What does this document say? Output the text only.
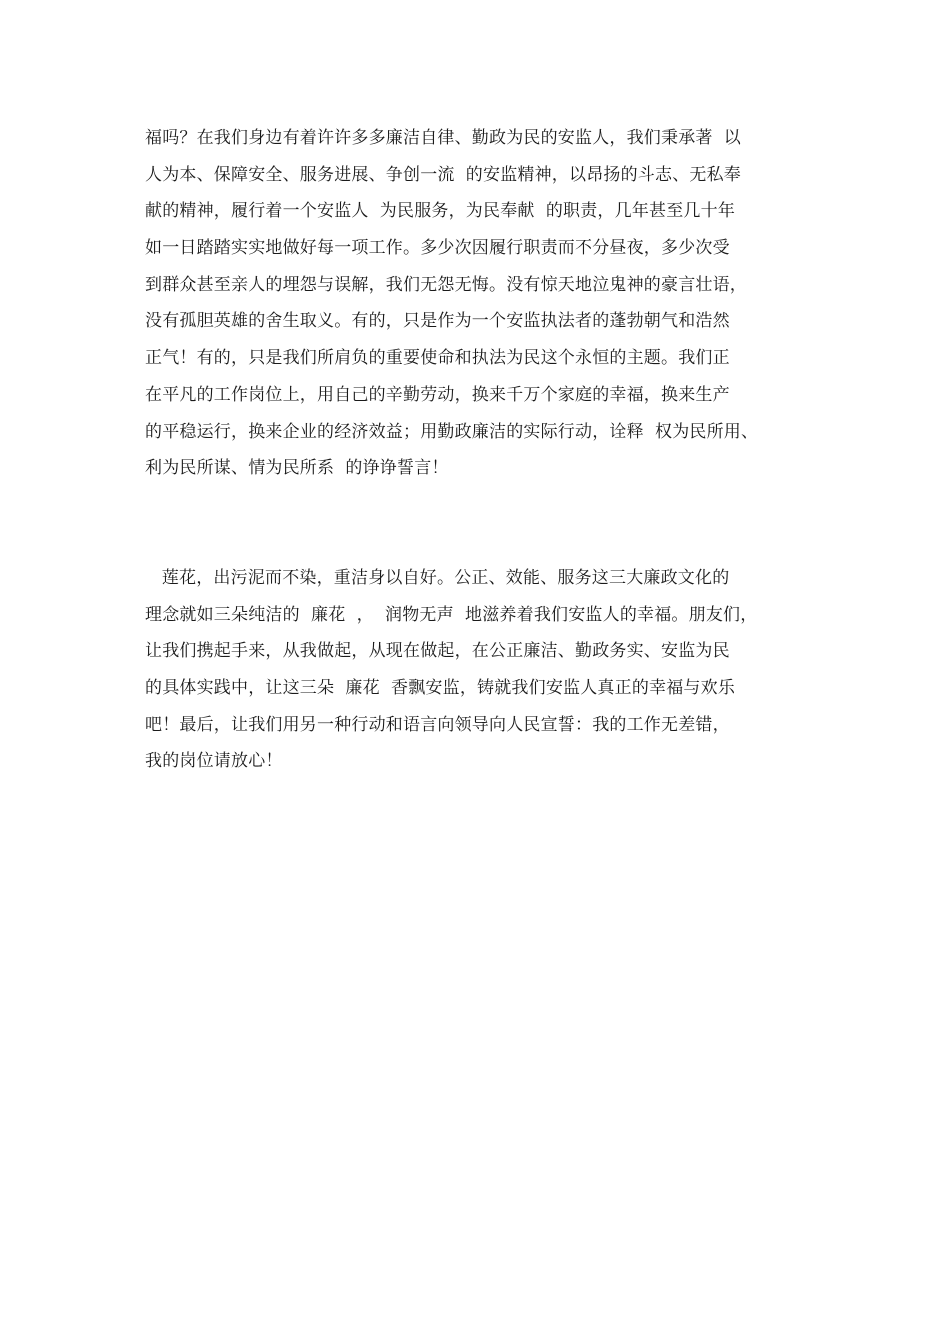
福吗？在我们身边有着许许多多廉洁自律、勤政为民的安监人，我们秉承著  以
人为本、保障安全、服务进展、争创一流  的安监精神，以昂扬的斗志、无私奉
献的精神，履行着一个安监人  为民服务，为民奉献  的职责，几年甚至几十年
如一日踏踏实实地做好每一项工作。多少次因履行职责而不分昼夜，多少次受
到群众甚至亲人的埋怨与误解，我们无怨无悔。没有惊天地泣鬼神的豪言壮语，
没有孤胆英雄的舍生取义。有的，只是作为一个安监执法者的蓬勃朝气和浩然
正气！有的，只是我们所肩负的重要使命和执法为民这个永恒的主题。我们正
在平凡的工作岗位上，用自己的辛勤劳动，换来千万个家庭的幸福，换来生产
的平稳运行，换来企业的经济效益；用勤政廉洁的实际行动，诠释  权为民所用、
利为民所谋、情为民所系  的诤诤誓言！
莲花，出污泥而不染，重洁身以自好。公正、效能、服务这三大廉政文化的
理念就如三朵纯洁的  廉花  ，  润物无声  地滋养着我们安监人的幸福。朋友们，
让我们携起手来，从我做起，从现在做起，在公正廉洁、勤政务实、安监为民
的具体实践中，让这三朵  廉花  香飘安监，铸就我们安监人真正的幸福与欢乐
吧！最后，让我们用另一种行动和语言向领导向人民宣誓：我的工作无差错，
我的岗位请放心！
